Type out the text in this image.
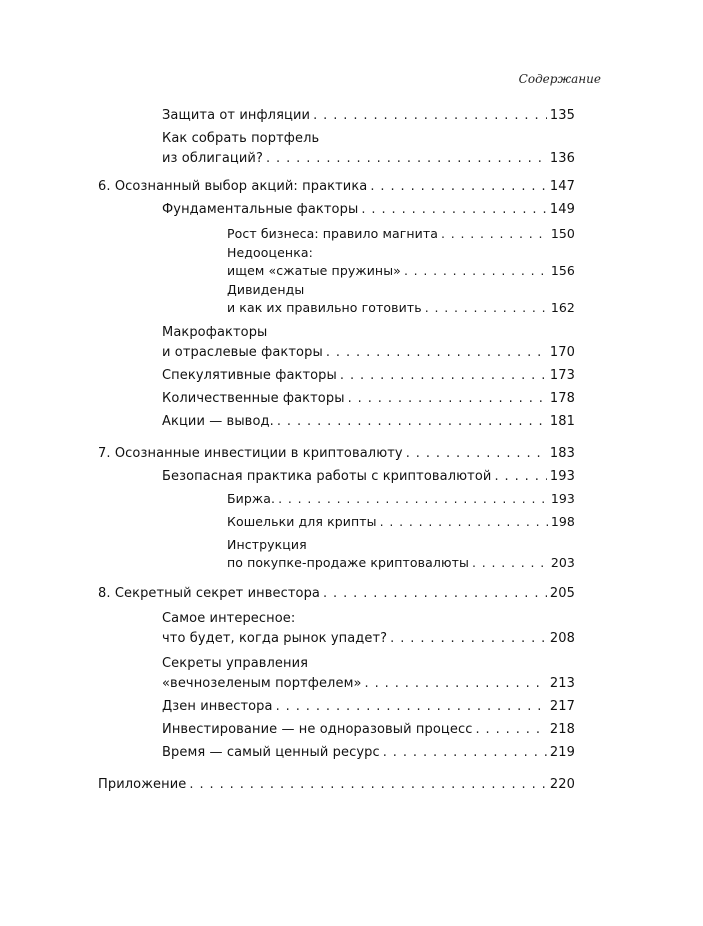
Содержание
Защита от инфляции . . .	135
Как собрать портфель
из облигаций? . . .	136
6. Осознанный выбор акций: практика . . .	147
Фундаментальные факторы . . .	149
Рост бизнеса: правило магнита . . .	150
Недооценка:
ищем «сжатые пружины» . . .	156
Дивиденды
и как их правильно готовить . . .	162
Макрофакторы
и отраслевые факторы . . .	170
Спекулятивные факторы . . .	173
Количественные факторы . . .	178
Акции — вывод. . . .	181
7. Осознанные инвестиции в криптовалюту . . .	183
Безопасная практика работы с криптовалютой . . .	193
Биржа. . . .	193
Кошельки для крипты . . .	198
Инструкция
по покупке-продаже криптовалюты . . .	203
8. Секретный секрет инвестора . . .	205
Самое интересное:
что будет, когда рынок упадет? . . .	208
Секреты управления
«вечнозеленым портфелем» . . .	213
Дзен инвестора . . .	217
Инвестирование — не одноразовый процесс . . .	218
Время — самый ценный ресурс . . .	219
Приложение . . .	220
